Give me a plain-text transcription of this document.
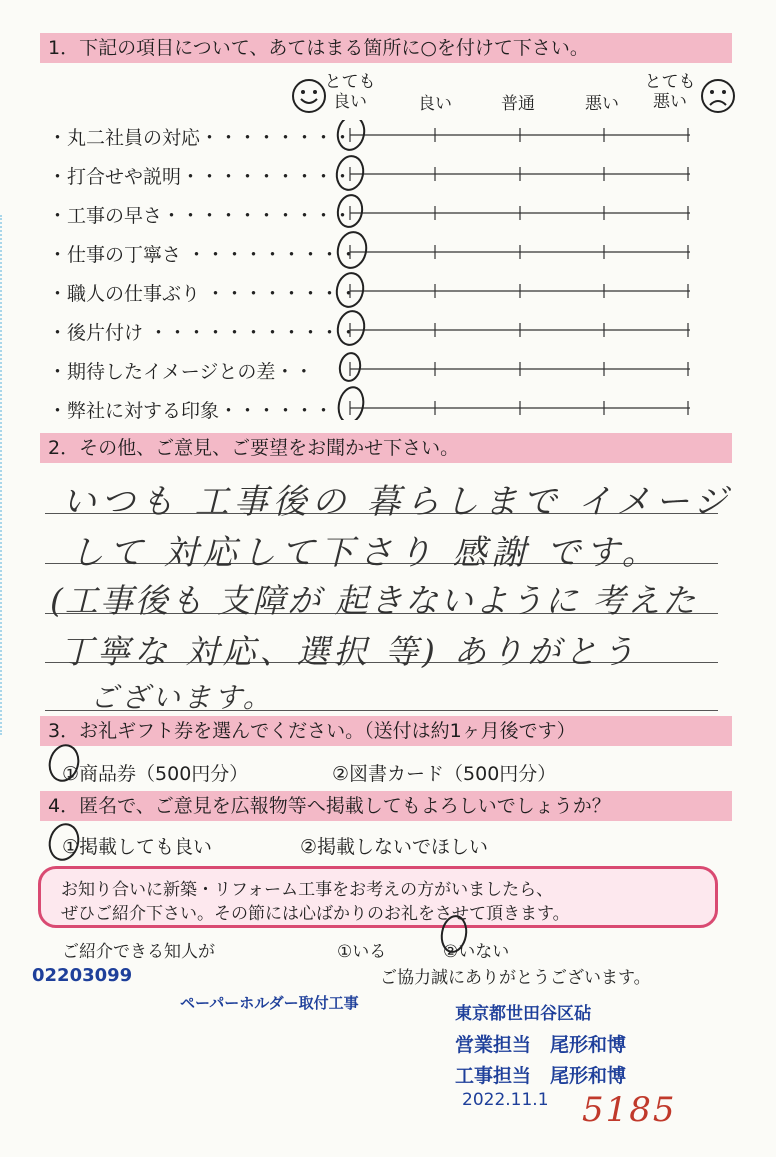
1．下記の項目について、あてはまる箇所に○を付けて下さい。
とても
良い	良い	普通	悪い
とても
悪い
・丸二社員の対応・・・・・・・・
・打合せや説明・・・・・・・・・
・工事の早さ・・・・・・・・・・
・仕事の丁寧さ ・・・・・・・・・
・職人の仕事ぶり ・・・・・・・・
・後片付け ・・・・・・・・・・・
・期待したイメージとの差・・
・弊社に対する印象・・・・・・
2．その他、ご意見、ご要望をお聞かせ下さい。
いつも 工事後の 暮らしまで イメージ
して 対応して下さり 感謝 です。
(工事後も 支障が 起きないように 考えた
丁寧な 対応、選択 等) ありがとう
ございます。
3．お礼ギフト券を選んでください。（送付は約1ヶ月後です）
①商品券（500円分）	②図書カード（500円分）
4．匿名で、ご意見を広報物等へ掲載してもよろしいでしょうか？
①掲載しても良い	②掲載しないでほしい
お知り合いに新築・リフォーム工事をお考えの方がいましたら、
ぜひご紹介下さい。その節には心ばかりのお礼をさせて頂きます。
ご紹介できる知人が	①いる	②いない
ご協力誠にありがとうございます。
02203099
ペーパーホルダー取付工事
東京都世田谷区砧
営業担当　尾形和博
工事担当　尾形和博
2022.11.1 5185
